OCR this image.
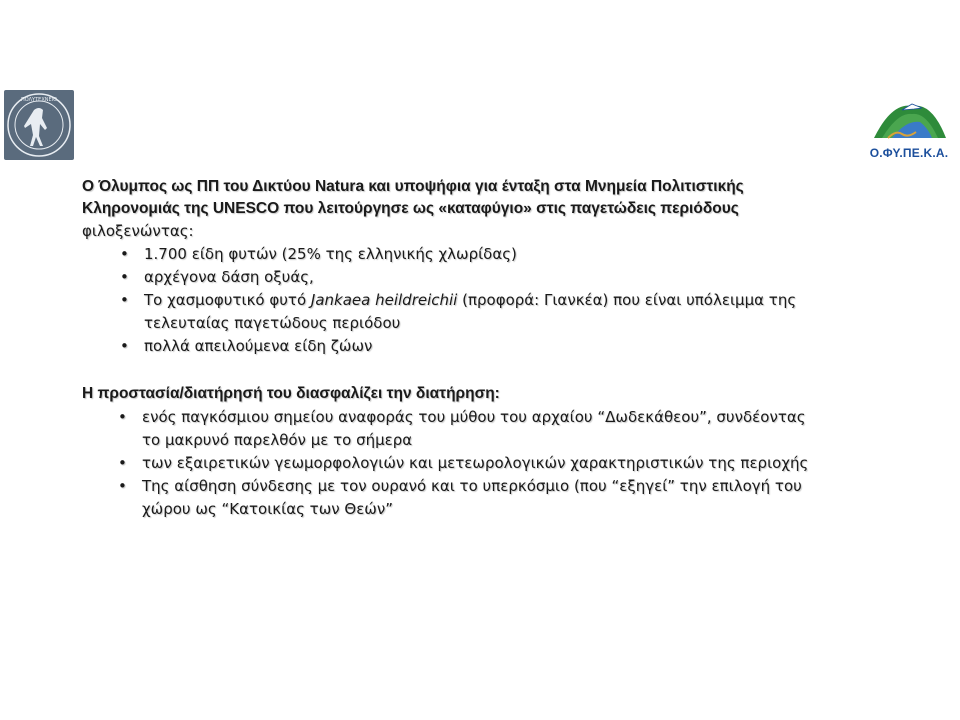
ΠΟΛΥΤΕΧΝΕΙΟ
Ο.ΦΥ.ΠΕ.Κ.Α.

Ο Όλυμπος ως ΠΠ του Δικτύου Natura και υποψήφια για ένταξη στα Μνημεία Πολιτιστικής

Κληρονομιάς της UNESCO που λειτούργησε ως «καταφύγιο» στις παγετώδεις περιόδους

φιλοξενώντας:

• 1.700 είδη φυτών (25% της ελληνικής χλωρίδας)
• αρχέγονα δάση οξυάς,
• Το χασμοφυτικό φυτό Jankaea heildreichii (προφορά: Γιανκέα) που είναι υπόλειμμα της
τελευταίας παγετώδους περιόδου
• πολλά απειλούμενα είδη ζώων

Η προστασία/διατήρησή του διασφαλίζει την διατήρηση:

• ενός παγκόσμιου σημείου αναφοράς του μύθου του αρχαίου “Δωδεκάθεου”, συνδέοντας
το μακρυνό παρελθόν με το σήμερα
• των εξαιρετικών γεωμορφολογιών και μετεωρολογικών χαρακτηριστικών της περιοχής
• Της αίσθηση σύνδεσης με τον ουρανό και το υπερκόσμιο (που “εξηγεί” την επιλογή του
χώρου ως “Κατοικίας των Θεών”
